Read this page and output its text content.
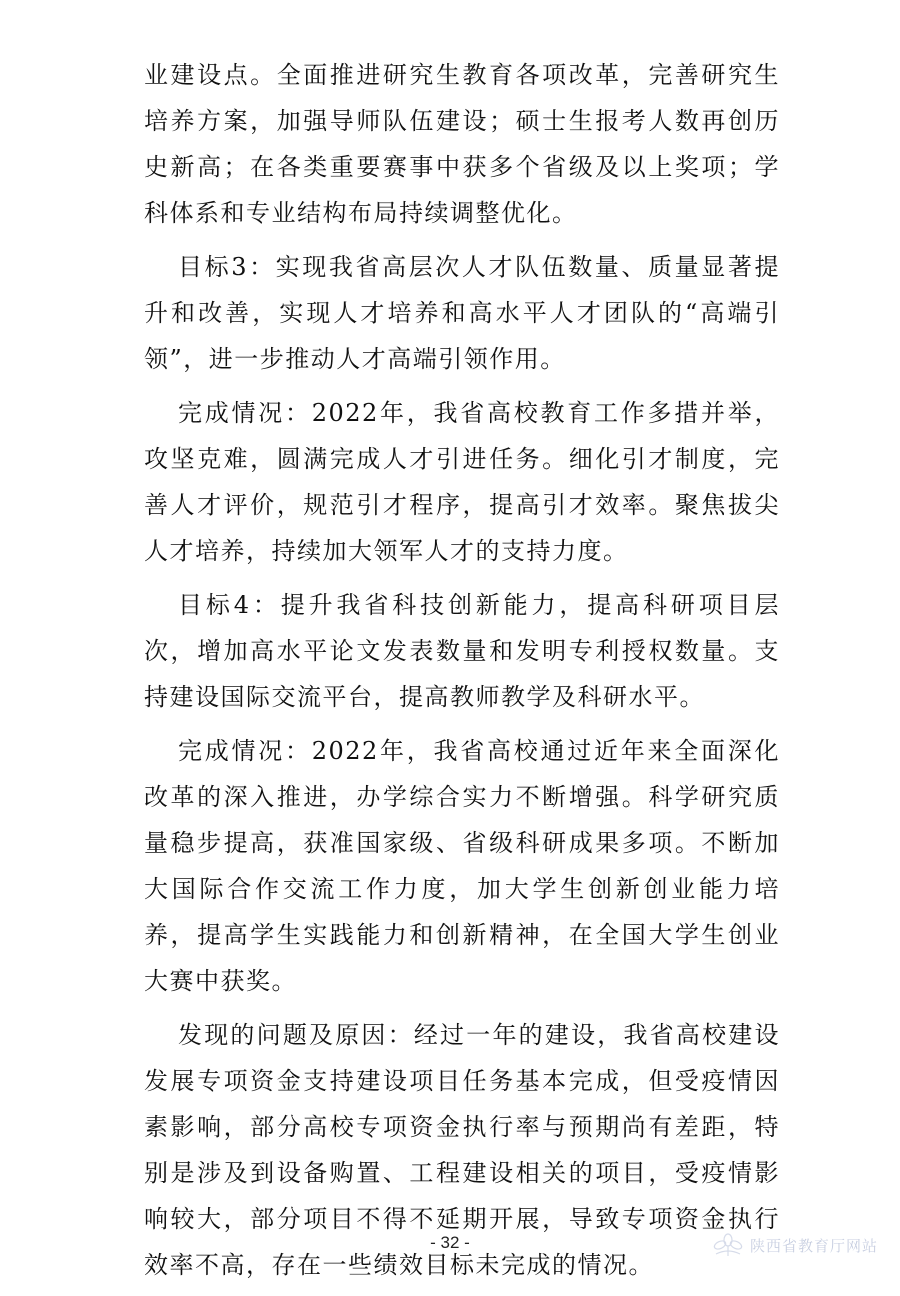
业建设点。全面推进研究生教育各项改革，完善研究生培养方案，加强导师队伍建设；硕士生报考人数再创历史新高；在各类重要赛事中获多个省级及以上奖项；学科体系和专业结构布局持续调整优化。

目标3：实现我省高层次人才队伍数量、质量显著提升和改善，实现人才培养和高水平人才团队的“高端引领”，进一步推动人才高端引领作用。

完成情况：2022年，我省高校教育工作多措并举，攻坚克难，圆满完成人才引进任务。细化引才制度，完善人才评价，规范引才程序，提高引才效率。聚焦拔尖人才培养，持续加大领军人才的支持力度。

目标4：提升我省科技创新能力，提高科研项目层次，增加高水平论文发表数量和发明专利授权数量。支持建设国际交流平台，提高教师教学及科研水平。

完成情况：2022年，我省高校通过近年来全面深化改革的深入推进，办学综合实力不断增强。科学研究质量稳步提高，获准国家级、省级科研成果多项。不断加大国际合作交流工作力度，加大学生创新创业能力培养，提高学生实践能力和创新精神，在全国大学生创业大赛中获奖。

发现的问题及原因：经过一年的建设，我省高校建设发展专项资金支持建设项目任务基本完成，但受疫情因素影响，部分高校专项资金执行率与预期尚有差距，特别是涉及到设备购置、工程建设相关的项目，受疫情影响较大，部分项目不得不延期开展，导致专项资金执行效率不高，存在一些绩效目标未完成的情况。

- 32 -	陕西省教育厅网站
